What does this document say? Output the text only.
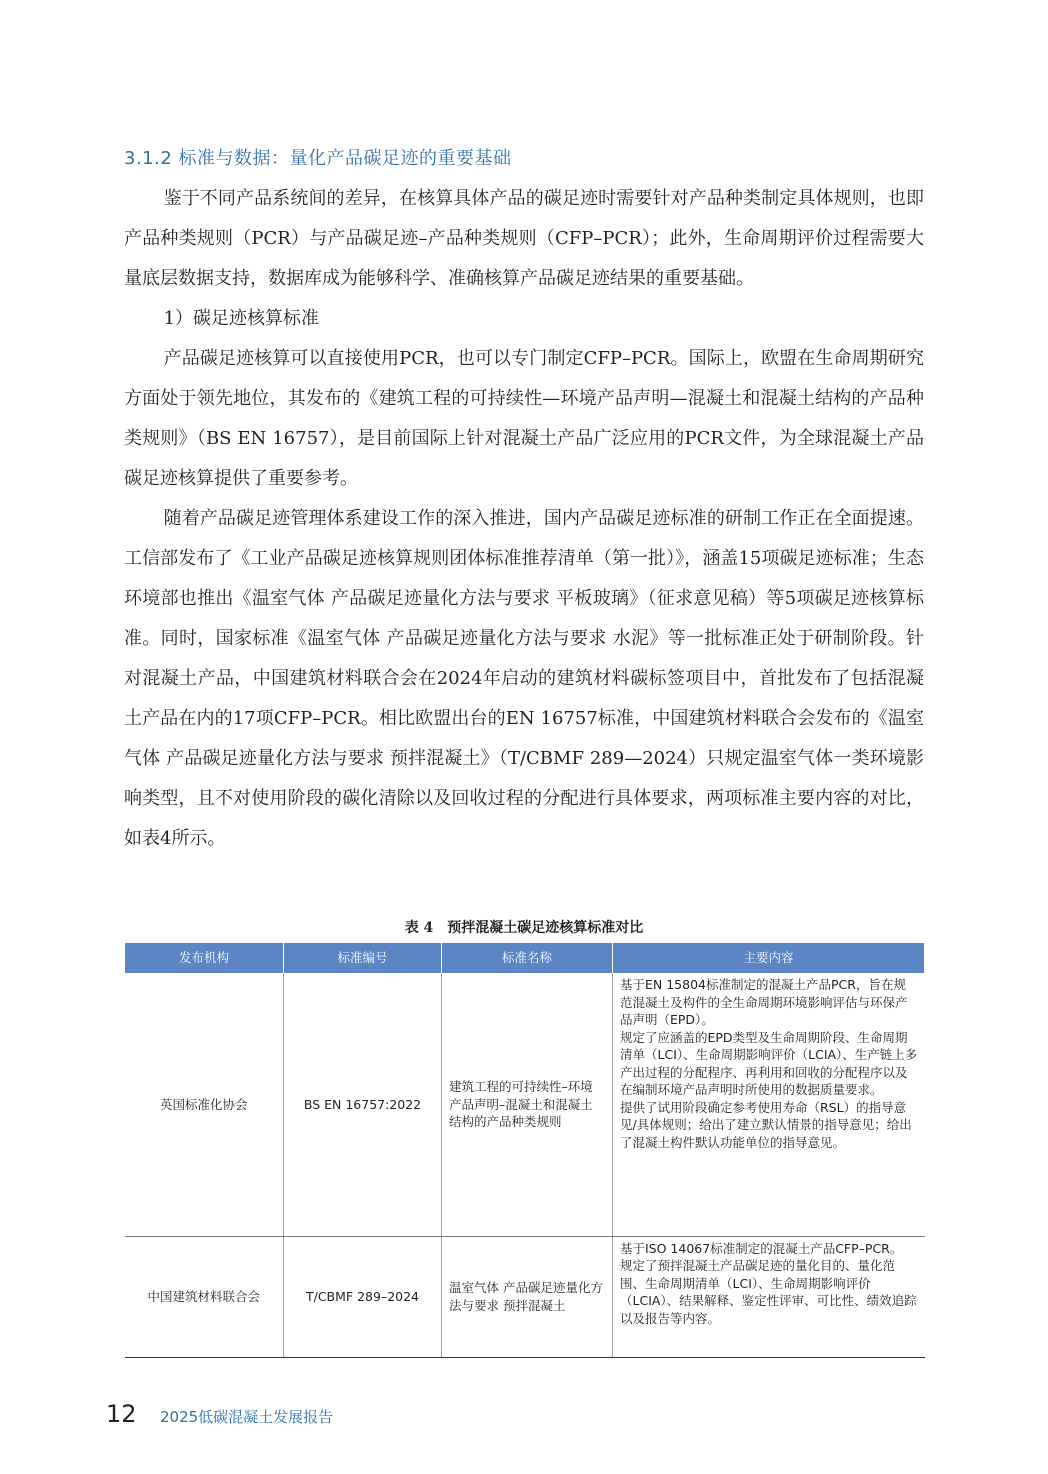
3.1.2 标准与数据：量化产品碳足迹的重要基础

鉴于不同产品系统间的差异，在核算具体产品的碳足迹时需要针对产品种类制定具体规则，也即产品种类规则（PCR）与产品碳足迹–产品种类规则（CFP–PCR）；此外，生命周期评价过程需要大量底层数据支持，数据库成为能够科学、准确核算产品碳足迹结果的重要基础。

1）碳足迹核算标准

产品碳足迹核算可以直接使用PCR，也可以专门制定CFP–PCR。国际上，欧盟在生命周期研究方面处于领先地位，其发布的《建筑工程的可持续性—环境产品声明—混凝土和混凝土结构的产品种类规则》（BS EN 16757），是目前国际上针对混凝土产品广泛应用的PCR文件，为全球混凝土产品碳足迹核算提供了重要参考。

随着产品碳足迹管理体系建设工作的深入推进，国内产品碳足迹标准的研制工作正在全面提速。工信部发布了《工业产品碳足迹核算规则团体标准推荐清单（第一批）》，涵盖15项碳足迹标准；生态环境部也推出《温室气体 产品碳足迹量化方法与要求 平板玻璃》（征求意见稿）等5项碳足迹核算标准。同时，国家标准《温室气体 产品碳足迹量化方法与要求 水泥》等一批标准正处于研制阶段。针对混凝土产品，中国建筑材料联合会在2024年启动的建筑材料碳标签项目中，首批发布了包括混凝土产品在内的17项CFP–PCR。相比欧盟出台的EN 16757标准，中国建筑材料联合会发布的《温室气体 产品碳足迹量化方法与要求 预拌混凝土》（T/CBMF 289—2024）只规定温室气体一类环境影响类型，且不对使用阶段的碳化清除以及回收过程的分配进行具体要求，两项标准主要内容的对比，如表4所示。

表 4　预拌混凝土碳足迹核算标准对比
发布机构	标准编号	标准名称	主要内容
英国标准化协会	BS EN 16757:2022	建筑工程的可持续性–环境产品声明–混凝土和混凝土结构的产品种类规则	基于EN 15804标准制定的混凝土产品PCR，旨在规范混凝土及构件的全生命周期环境影响评估与环保产品声明（EPD）。
规定了应涵盖的EPD类型及生命周期阶段、生命周期清单（LCI）、生命周期影响评价（LCIA）、生产链上多产出过程的分配程序、再利用和回收的分配程序以及在编制环境产品声明时所使用的数据质量要求。
提供了试用阶段确定参考使用寿命（RSL）的指导意见/具体规则；给出了建立默认情景的指导意见；给出了混凝土构件默认功能单位的指导意见。

中国建筑材料联合会	T/CBMF 289–2024	温室气体 产品碳足迹量化方法与要求 预拌混凝土	基于ISO 14067标准制定的混凝土产品CFP–PCR。
规定了预拌混凝土产品碳足迹的量化目的、量化范围、生命周期清单（LCI）、生命周期影响评价（LCIA）、结果解释、鉴定性评审、可比性、绩效追踪以及报告等内容。
12 2025低碳混凝土发展报告
